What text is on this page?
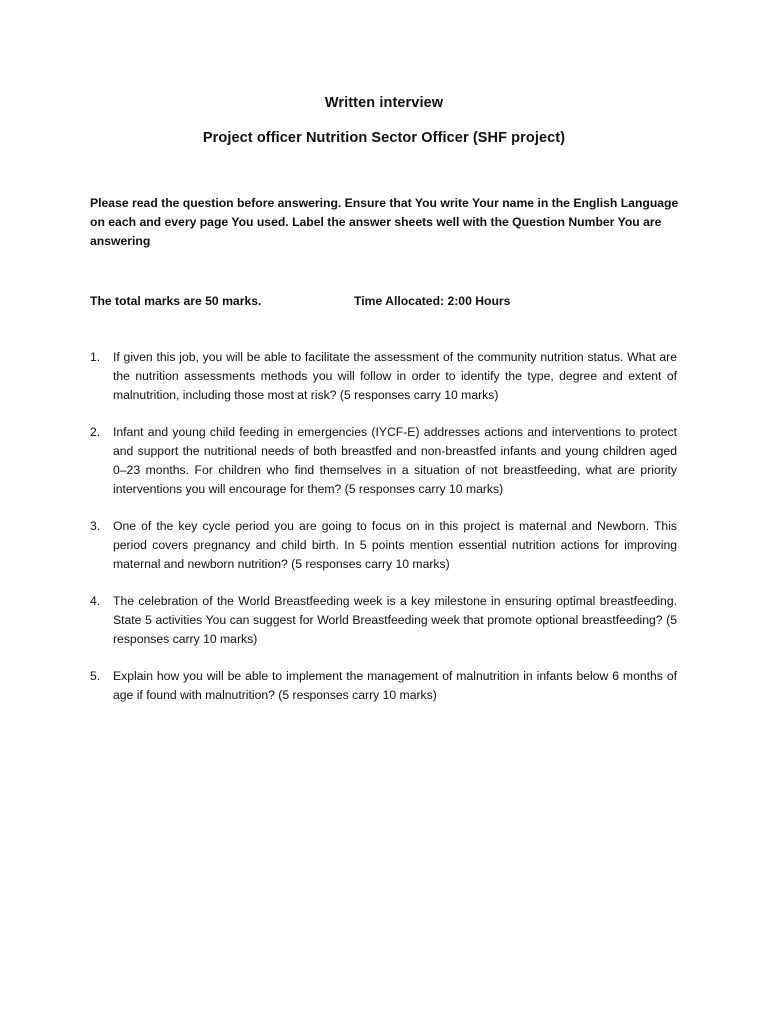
Written interview
Project officer Nutrition Sector Officer (SHF project)
Please read the question before answering. Ensure that You write Your name in the English Language on each and every page You used. Label the answer sheets well with the Question Number You are answering
The total marks are 50 marks.	Time Allocated: 2:00 Hours
1. If given this job, you will be able to facilitate the assessment of the community nutrition status. What are the nutrition assessments methods you will follow in order to identify the type, degree and extent of malnutrition, including those most at risk? (5 responses carry 10 marks)
2. Infant and young child feeding in emergencies (IYCF-E) addresses actions and interventions to protect and support the nutritional needs of both breastfed and non-breastfed infants and young children aged 0–23 months. For children who find themselves in a situation of not breastfeeding, what are priority interventions you will encourage for them? (5 responses carry 10 marks)
3. One of the key cycle period you are going to focus on in this project is maternal and Newborn. This period covers pregnancy and child birth. In 5 points mention essential nutrition actions for improving maternal and newborn nutrition? (5 responses carry 10 marks)
4. The celebration of the World Breastfeeding week is a key milestone in ensuring optimal breastfeeding. State 5 activities You can suggest for World Breastfeeding week that promote optional breastfeeding? (5 responses carry 10 marks)
5. Explain how you will be able to implement the management of malnutrition in infants below 6 months of age if found with malnutrition? (5 responses carry 10 marks)
